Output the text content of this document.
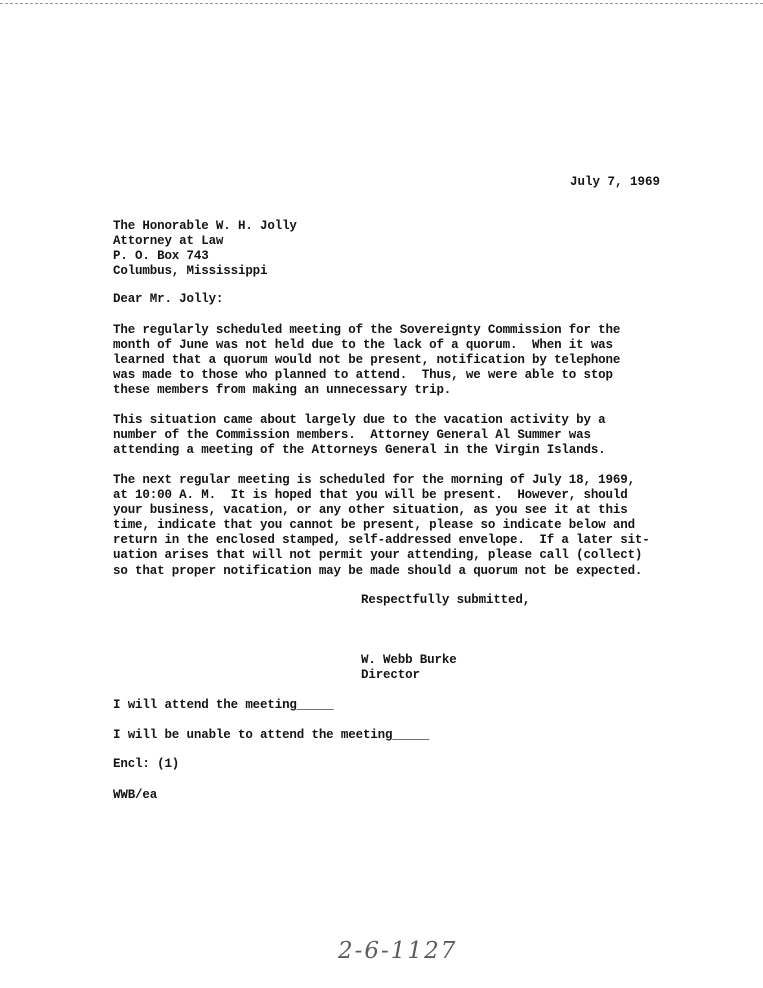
July 7, 1969
The Honorable W. H. Jolly
Attorney at Law
P. O. Box 743
Columbus, Mississippi
Dear Mr. Jolly:
The regularly scheduled meeting of the Sovereignty Commission for the
month of June was not held due to the lack of a quorum.  When it was
learned that a quorum would not be present, notification by telephone
was made to those who planned to attend.  Thus, we were able to stop
these members from making an unnecessary trip.
This situation came about largely due to the vacation activity by a
number of the Commission members.  Attorney General Al Summer was
attending a meeting of the Attorneys General in the Virgin Islands.
The next regular meeting is scheduled for the morning of July 18, 1969,
at 10:00 A. M.  It is hoped that you will be present.  However, should
your business, vacation, or any other situation, as you see it at this
time, indicate that you cannot be present, please so indicate below and
return in the enclosed stamped, self-addressed envelope.  If a later sit-
uation arises that will not permit your attending, please call (collect)
so that proper notification may be made should a quorum not be expected.
Respectfully submitted,
W. Webb Burke
Director
I will attend the meeting_____
I will be unable to attend the meeting_____
Encl: (1)
WWB/ea
2-6-1127
